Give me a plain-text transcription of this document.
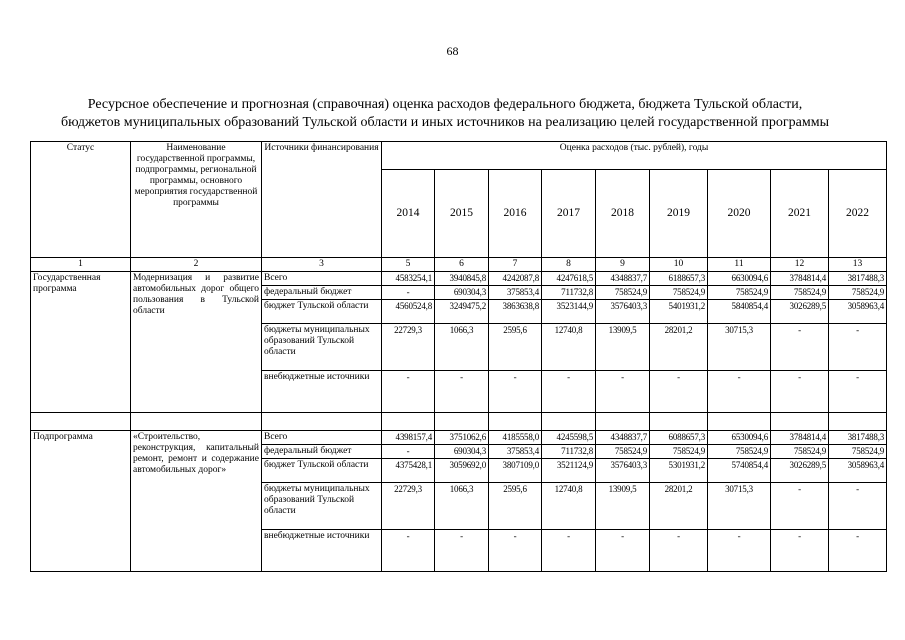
68
Ресурсное обеспечение и прогнозная (справочная) оценка расходов федерального бюджета, бюджета Тульской области,
бюджетов муниципальных образований Тульской области и иных источников на реализацию целей государственной программы
Статус	Наименование государственной программы, подпрограммы, региональной программы, основного мероприятия государственной программы	Источники финансирования	Оценка расходов (тыс. рублей), годы								
			2014	2015	2016	2017	2018	2019	2020	2021	2022
1	2	3	5	6	7	8	9	10	11	12	13
Государственная программа	Модернизация и развитие автомобильных дорог общего пользования в Тульской области	Всего	4583254,1	3940845,8	4242087,8	4247618,5	4348837,7	6188657,3	6630094,6	3784814,4	3817488,3
		федеральный бюджет	-	690304,3	375853,4	711732,8	758524,9	758524,9	758524,9	758524,9	758524,9
		бюджет Тульской области	4560524,8	3249475,2	3863638,8	3523144,9	3576403,3	5401931,2	5840854,4	3026289,5	3058963,4
		бюджеты муниципальных образований Тульской области	22729,3	1066,3	2595,6	12740,8	13909,5	28201,2	30715,3	-	-
		внебюджетные источники	-	-	-	-	-	-	-	-	-

Подпрограмма	«Строительство, реконструкция, капитальный ремонт, ремонт и содержание автомобильных дорог»	Всего	4398157,4	3751062,6	4185558,0	4245598,5	4348837,7	6088657,3	6530094,6	3784814,4	3817488,3
		федеральный бюджет	-	690304,3	375853,4	711732,8	758524,9	758524,9	758524,9	758524,9	758524,9
		бюджет Тульской области	4375428,1	3059692,0	3807109,0	3521124,9	3576403,3	5301931,2	5740854,4	3026289,5	3058963,4
		бюджеты муниципальных образований Тульской области	22729,3	1066,3	2595,6	12740,8	13909,5	28201,2	30715,3	-	-
		внебюджетные источники	-	-	-	-	-	-	-	-	-
